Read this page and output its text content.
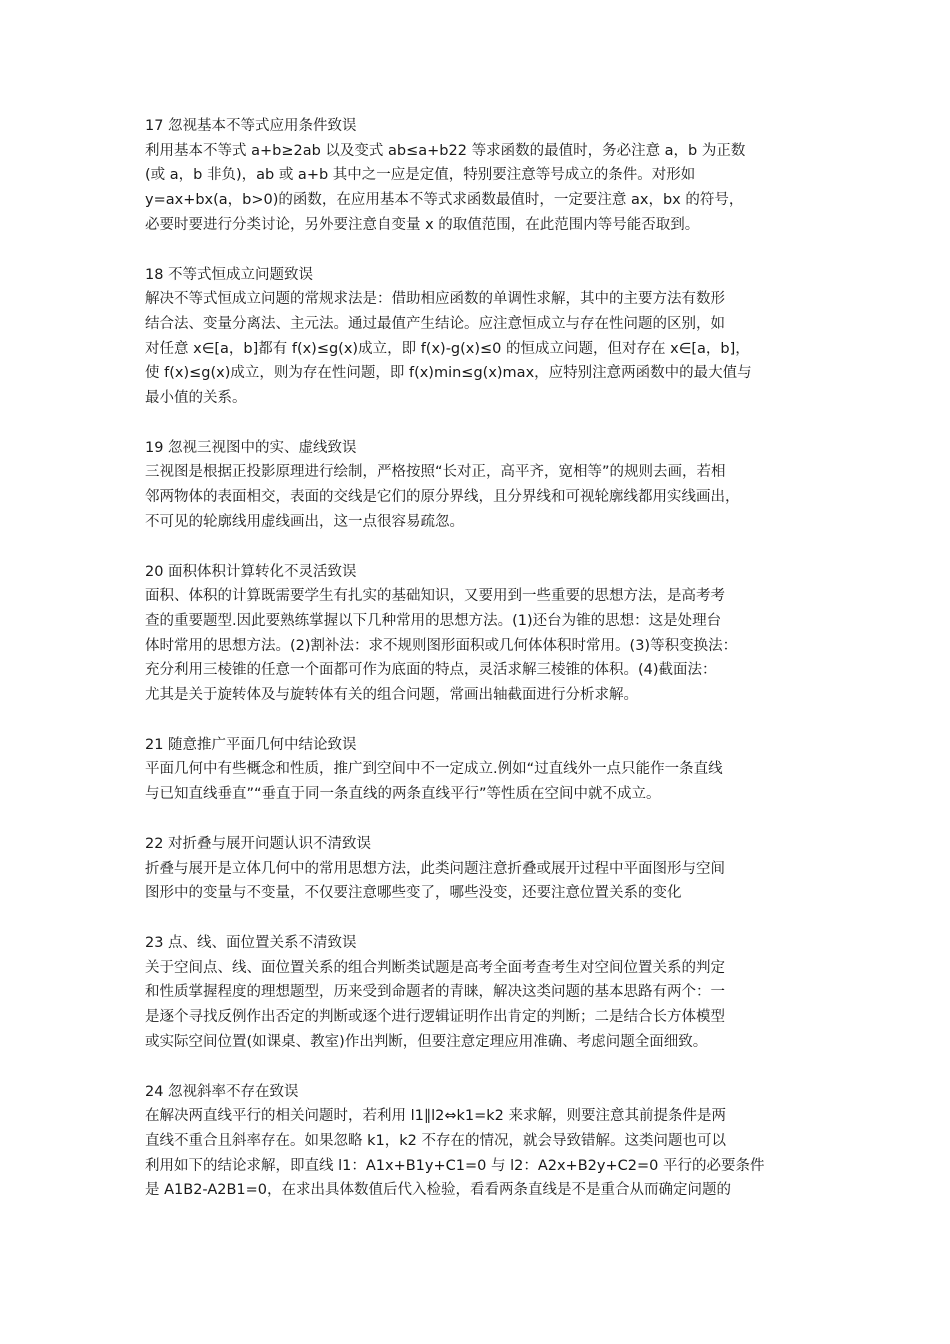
17 忽视基本不等式应用条件致误
利用基本不等式 a+b≥2ab 以及变式 ab≤a+b22 等求函数的最值时，务必注意 a，b 为正数
(或 a，b 非负)，ab 或 a+b 其中之一应是定值，特别要注意等号成立的条件。对形如
y=ax+bx(a，b>0)的函数，在应用基本不等式求函数最值时，一定要注意 ax，bx 的符号，
必要时要进行分类讨论，另外要注意自变量 x 的取值范围，在此范围内等号能否取到。
18 不等式恒成立问题致误
解决不等式恒成立问题的常规求法是：借助相应函数的单调性求解，其中的主要方法有数形
结合法、变量分离法、主元法。通过最值产生结论。应注意恒成立与存在性问题的区别，如
对任意 x∈[a，b]都有 f(x)≤g(x)成立，即 f(x)-g(x)≤0 的恒成立问题，但对存在 x∈[a，b]，
使 f(x)≤g(x)成立，则为存在性问题，即 f(x)min≤g(x)max，应特别注意两函数中的最大值与
最小值的关系。
19 忽视三视图中的实、虚线致误
三视图是根据正投影原理进行绘制，严格按照“长对正，高平齐，宽相等”的规则去画，若相
邻两物体的表面相交，表面的交线是它们的原分界线，且分界线和可视轮廓线都用实线画出，
不可见的轮廓线用虚线画出，这一点很容易疏忽。
20 面积体积计算转化不灵活致误
面积、体积的计算既需要学生有扎实的基础知识，又要用到一些重要的思想方法，是高考考
查的重要题型.因此要熟练掌握以下几种常用的思想方法。(1)还台为锥的思想：这是处理台
体时常用的思想方法。(2)割补法：求不规则图形面积或几何体体积时常用。(3)等积变换法：
充分利用三棱锥的任意一个面都可作为底面的特点，灵活求解三棱锥的体积。(4)截面法：
尤其是关于旋转体及与旋转体有关的组合问题，常画出轴截面进行分析求解。
21 随意推广平面几何中结论致误
平面几何中有些概念和性质，推广到空间中不一定成立.例如“过直线外一点只能作一条直线
与已知直线垂直”“垂直于同一条直线的两条直线平行”等性质在空间中就不成立。
22 对折叠与展开问题认识不清致误
折叠与展开是立体几何中的常用思想方法，此类问题注意折叠或展开过程中平面图形与空间
图形中的变量与不变量，不仅要注意哪些变了，哪些没变，还要注意位置关系的变化
23 点、线、面位置关系不清致误
关于空间点、线、面位置关系的组合判断类试题是高考全面考查考生对空间位置关系的判定
和性质掌握程度的理想题型，历来受到命题者的青睐，解决这类问题的基本思路有两个：一
是逐个寻找反例作出否定的判断或逐个进行逻辑证明作出肯定的判断；二是结合长方体模型
或实际空间位置(如课桌、教室)作出判断，但要注意定理应用准确、考虑问题全面细致。
24 忽视斜率不存在致误
在解决两直线平行的相关问题时，若利用 l1∥l2⇔k1=k2 来求解，则要注意其前提条件是两
直线不重合且斜率存在。如果忽略 k1，k2 不存在的情况，就会导致错解。这类问题也可以
利用如下的结论求解，即直线 l1：A1x+B1y+C1=0 与 l2：A2x+B2y+C2=0 平行的必要条件
是 A1B2-A2B1=0，在求出具体数值后代入检验，看看两条直线是不是重合从而确定问题的
